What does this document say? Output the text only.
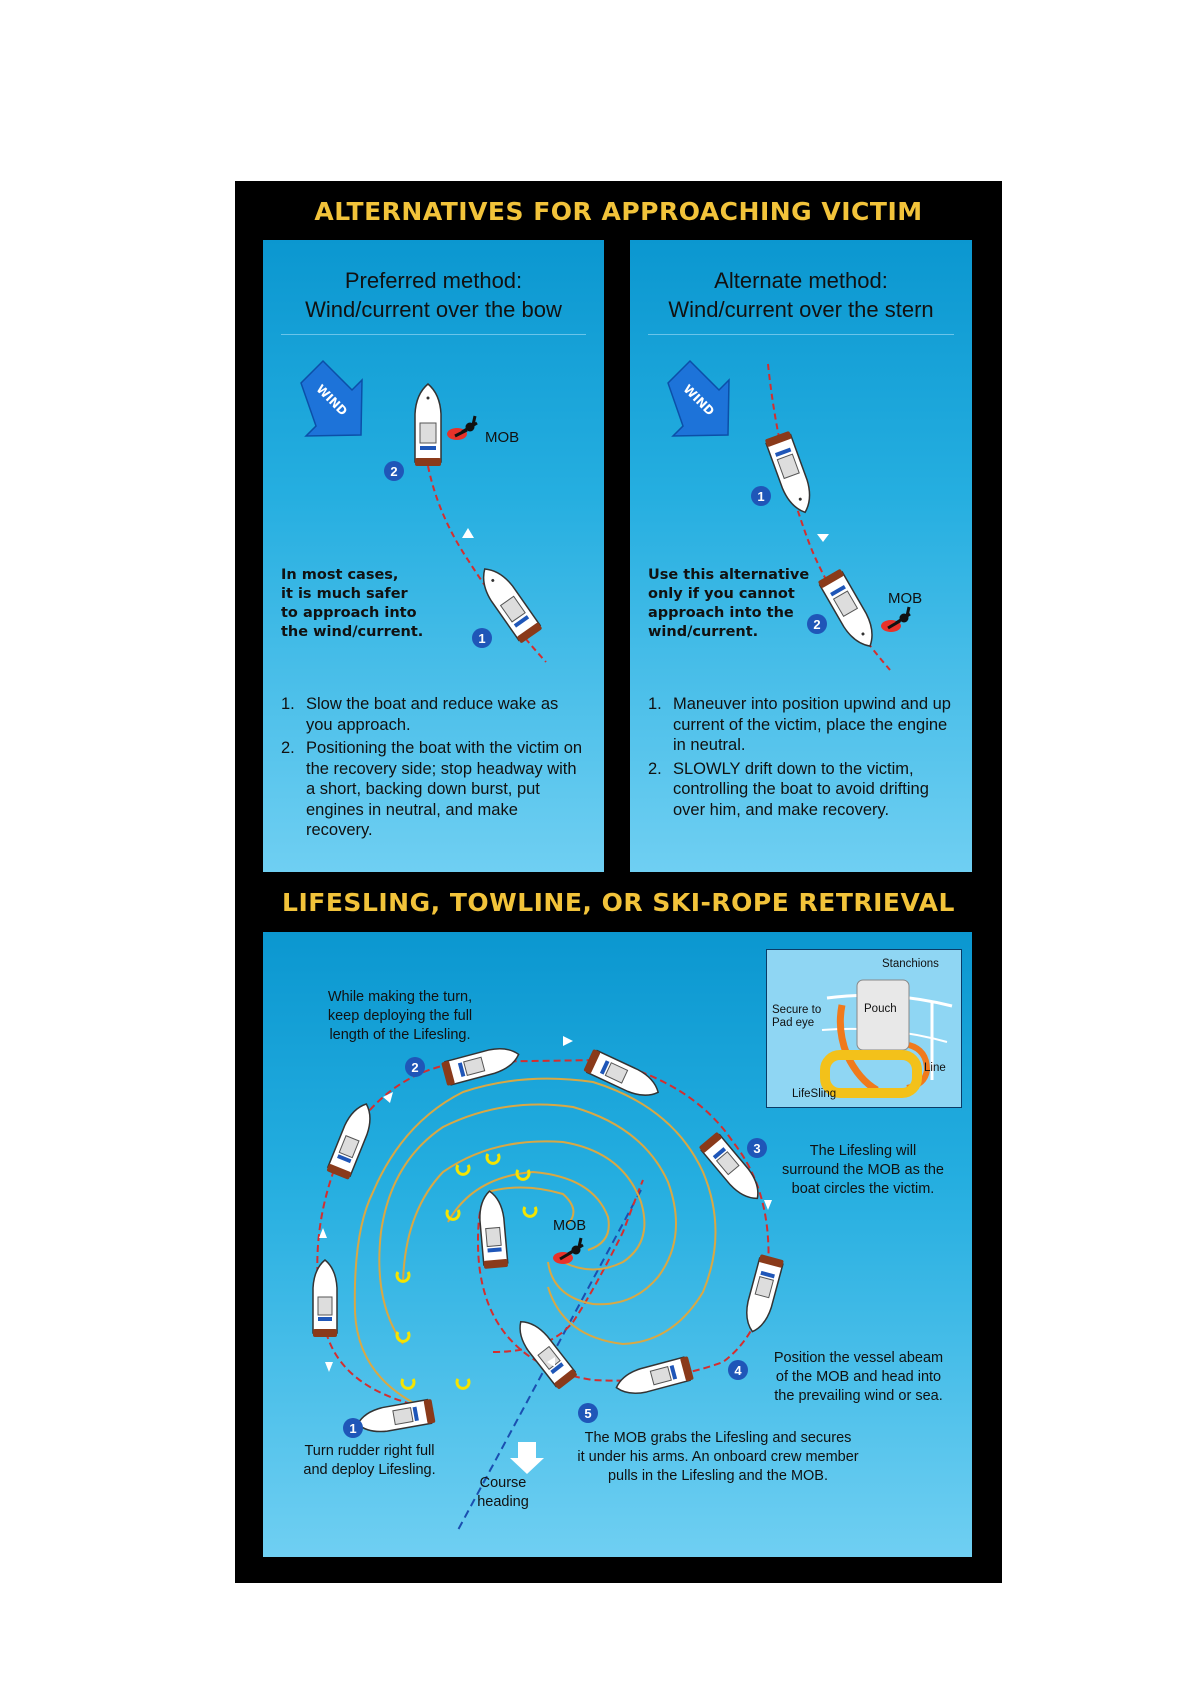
ALTERNATIVES FOR APPROACHING VICTIM
Preferred method:
Wind/current over the bow
WIND
MOB
2
1
In most cases,
it is much safer
to approach into
the wind/current.
1. Slow the boat and reduce wake as you approach.
2. Positioning the boat with the victim on the recovery side; stop headway with a short, backing down burst, put engines in neutral, and make recovery.
Alternate method:
Wind/current over the stern
WIND
MOB
1
2
Use this alternative
only if you cannot
approach into the
wind/current.
1. Maneuver into position upwind and up current of the victim, place the engine in neutral.
2. SLOWLY drift down to the victim, controlling the boat to avoid drifting over him, and make recovery.
LIFESLING, TOWLINE, OR SKI-ROPE RETRIEVAL
MOB
1
2
3
4
5
While making the turn,
keep deploying the full
length of the Lifesling.
The Lifesling will
surround the MOB as the
boat circles the victim.
Position the vessel abeam
of the MOB and head into
the prevailing wind or sea.
The MOB grabs the Lifesling and secures
it under his arms. An onboard crew member
pulls in the Lifesling and the MOB.
Turn rudder right full
and deploy Lifesling.
Course
heading
Stanchions
Secure to
Pad eye
Pouch
Line
LifeSling
